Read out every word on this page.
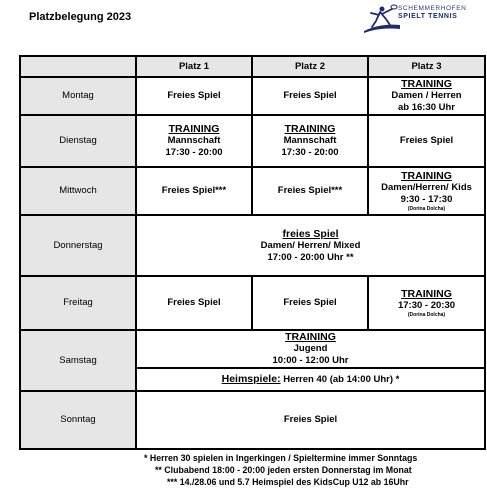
Platzbelegung 2023
SCHEMMERHOFEN
SPIELT TENNIS
	Platz 1	Platz 2	Platz 3
Montag	Freies Spiel	Freies Spiel	TRAINING
Damen / Herren
ab 16:30 Uhr

Dienstag	TRAINING
Mannschaft
17:30 - 20:00	TRAINING
Mannschaft
17:30 - 20:00	Freies Spiel
Mittwoch	Freies Spiel***	Freies Spiel***	TRAINING
Damen/Herren/ Kids
9:30 - 17:30
(Dorina Dolcha)

Donnerstag	freies Spiel
Damen/ Herren/ Mixed
17:00 - 20:00 Uhr **		

Freitag	Freies Spiel	Freies Spiel	TRAINING
17:30 - 20:30
(Dorina Dolcha)

Samstag	TRAINING
Jugend
10:00 - 12:00 Uhr		

	Heimspiele: Herren 40 (ab 14:00 Uhr) *		
Sonntag	Freies Spiel		
* Herren 30 spielen in Ingerkingen / Spieltermine immer Sonntags
** Clubabend 18:00 - 20:00 jeden ersten Donnerstag im Monat
*** 14./28.06 und 5.7 Heimspiel des KidsCup U12 ab 16Uhr
